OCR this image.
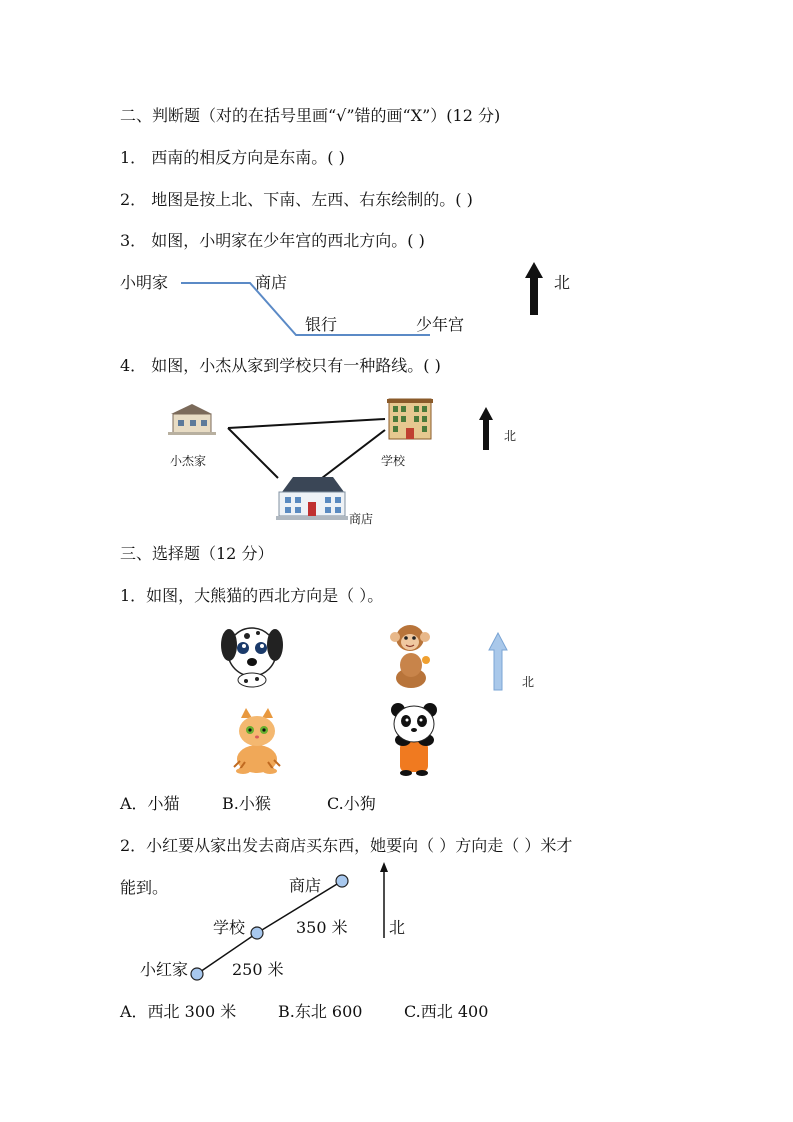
二、判断题（对的在括号里画“√”错的画“X”）(12 分)
1． 西南的相反方向是东南。( )
2． 地图是按上北、下南、左西、右东绘制的。( )
3． 如图，小明家在少年宫的西北方向。( )
小明家	商店
银行	少年宫
北
4． 如图，小杰从家到学校只有一种路线。( )
小杰家	学校
商店
北
三、选择题（12 分）
1．如图，大熊猫的西北方向是（ ）。
北
A．小猫	B.小猴	C.小狗
2．小红要从家出发去商店买东西，她要向（ ）方向走（ ）米才
能到。	商店
学校	350 米
小红家	250 米
北
A．西北 300 米	B.东北 600	C.西北 400
